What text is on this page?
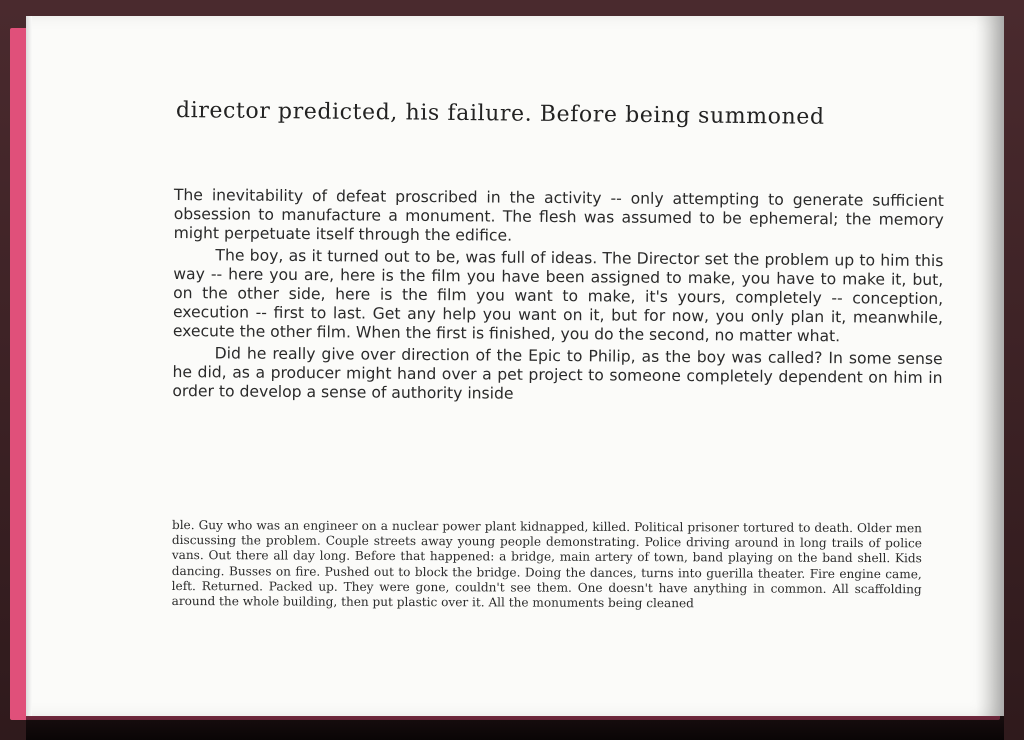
director predicted, his failure. Before being summoned

The inevitability of defeat proscribed in the activity -- only attempting to generate sufficient obsession to manufacture a monument. The flesh was assumed to be ephemeral; the memory might perpetuate itself through the edifice.

The boy, as it turned out to be, was full of ideas. The Director set the problem up to him this way -- here you are, here is the film you have been assigned to make, you have to make it, but, on the other side, here is the film you want to make, it's yours, completely -- conception, execution -- first to last. Get any help you want on it, but for now, you only plan it, meanwhile, execute the other film. When the first is finished, you do the second, no matter what.

Did he really give over direction of the Epic to Philip, as the boy was called? In some sense he did, as a producer might hand over a pet project to someone completely dependent on him in order to develop a sense of authority inside

ble. Guy who was an engineer on a nuclear power plant kidnapped, killed. Political prisoner tortured to death. Older men discussing the problem. Couple streets away young people demonstrating. Police driving around in long trails of police vans. Out there all day long. Before that happened: a bridge, main artery of town, band playing on the band shell. Kids dancing. Busses on fire. Pushed out to block the bridge. Doing the dances, turns into guerilla theater. Fire engine came, left. Returned. Packed up. They were gone, couldn't see them. One doesn't have anything in common. All scaffolding around the whole building, then put plastic over it. All the monuments being cleaned
